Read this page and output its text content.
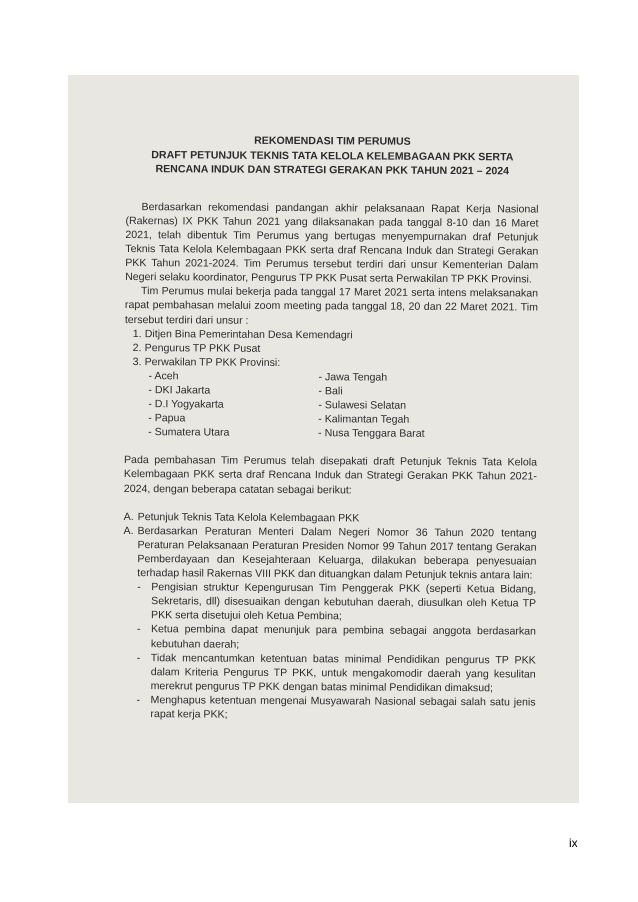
REKOMENDASI TIM PERUMUS
DRAFT PETUNJUK TEKNIS TATA KELOLA KELEMBAGAAN PKK SERTA
RENCANA INDUK DAN STRATEGI GERAKAN PKK TAHUN 2021 – 2024

Berdasarkan rekomendasi pandangan akhir pelaksanaan Rapat Kerja Nasional (Rakernas) IX PKK Tahun 2021 yang dilaksanakan pada tanggal 8-10 dan 16 Maret 2021, telah dibentuk Tim Perumus yang bertugas menyempurnakan draf Petunjuk Teknis Tata Kelola Kelembagaan PKK serta draf Rencana Induk dan Strategi Gerakan PKK Tahun 2021-2024. Tim Perumus tersebut terdiri dari unsur Kementerian Dalam Negeri selaku koordinator, Pengurus TP PKK Pusat serta Perwakilan TP PKK Provinsi.

Tim Perumus mulai bekerja pada tanggal 17 Maret 2021 serta intens melaksanakan rapat pembahasan melalui zoom meeting pada tanggal 18, 20 dan 22 Maret 2021. Tim tersebut terdiri dari unsur :

1. Ditjen Bina Pemerintahan Desa Kemendagri
2. Pengurus TP PKK Pusat
3. Perwakilan TP PKK Provinsi:
- Aceh	- Jawa Tengah
- DKI Jakarta	- Bali
- D.I Yogyakarta	- Sulawesi Selatan
- Papua	- Kalimantan Tegah
- Sumatera Utara	- Nusa Tenggara Barat

Pada pembahasan Tim Perumus telah disepakati draft Petunjuk Teknis Tata Kelola Kelembagaan PKK serta draf Rencana Induk dan Strategi Gerakan PKK Tahun 2021-2024, dengan beberapa catatan sebagai berikut:

A. Petunjuk Teknis Tata Kelola Kelembagaan PKK
A. Berdasarkan Peraturan Menteri Dalam Negeri Nomor 36 Tahun 2020 tentang Peraturan Pelaksanaan Peraturan Presiden Nomor 99 Tahun 2017 tentang Gerakan Pemberdayaan dan Kesejahteraan Keluarga, dilakukan beberapa penyesuaian terhadap hasil Rakernas VIII PKK dan dituangkan dalam Petunjuk teknis antara lain:

- Pengisian struktur Kepengurusan Tim Penggerak PKK (seperti Ketua Bidang, Sekretaris, dll) disesuaikan dengan kebutuhan daerah, diusulkan oleh Ketua TP PKK serta disetujui oleh Ketua Pembina;

- Ketua pembina dapat menunjuk para pembina sebagai anggota berdasarkan kebutuhan daerah;

- Tidak mencantumkan ketentuan batas minimal Pendidikan pengurus TP PKK dalam Kriteria Pengurus TP PKK, untuk mengakomodir daerah yang kesulitan merekrut pengurus TP PKK dengan batas minimal Pendidikan dimaksud;

- Menghapus ketentuan mengenai Musyawarah Nasional sebagai salah satu jenis rapat kerja PKK;

ix
